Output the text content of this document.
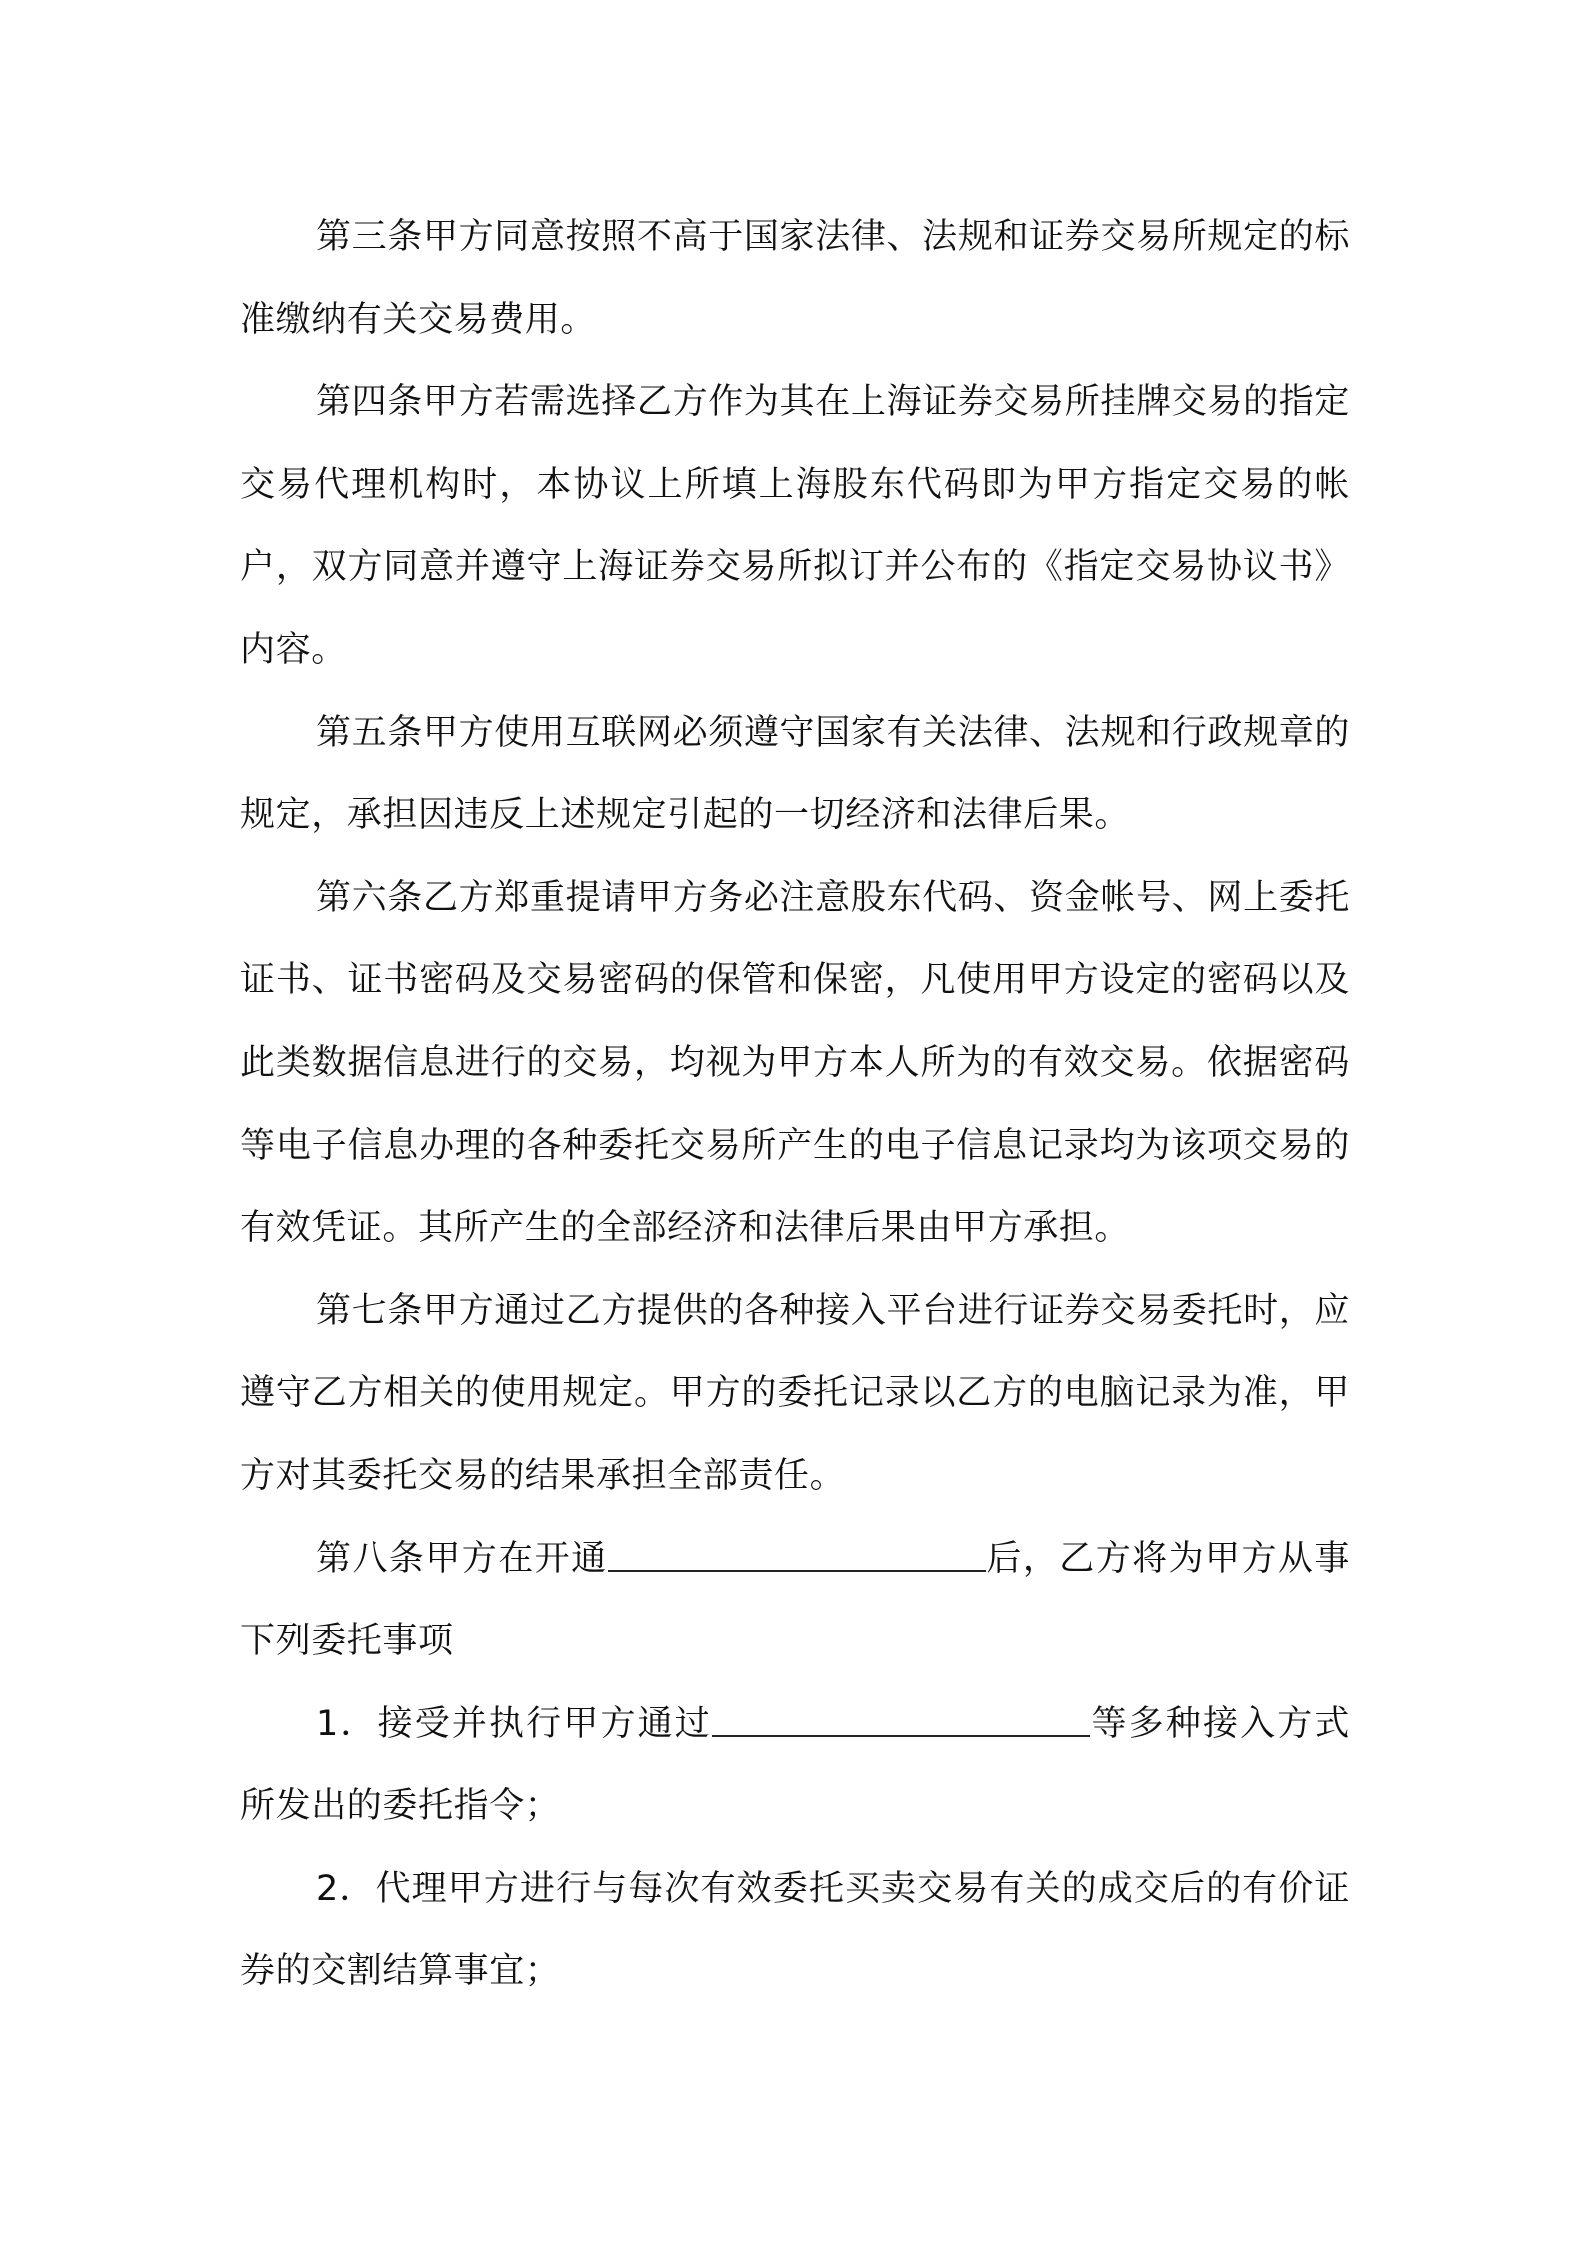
第三条甲方同意按照不高于国家法律、法规和证券交易所规定的标准缴纳有关交易费用。

第四条甲方若需选择乙方作为其在上海证券交易所挂牌交易的指定交易代理机构时，本协议上所填上海股东代码即为甲方指定交易的帐户，双方同意并遵守上海证券交易所拟订并公布的《指定交易协议书》内容。

第五条甲方使用互联网必须遵守国家有关法律、法规和行政规章的规定，承担因违反上述规定引起的一切经济和法律后果。

第六条乙方郑重提请甲方务必注意股东代码、资金帐号、网上委托证书、证书密码及交易密码的保管和保密，凡使用甲方设定的密码以及此类数据信息进行的交易，均视为甲方本人所为的有效交易。依据密码等电子信息办理的各种委托交易所产生的电子信息记录均为该项交易的有效凭证。其所产生的全部经济和法律后果由甲方承担。

第七条甲方通过乙方提供的各种接入平台进行证券交易委托时，应遵守乙方相关的使用规定。甲方的委托记录以乙方的电脑记录为准，甲方对其委托交易的结果承担全部责任。

第八条甲方在开通	后，乙方将为甲方从事下列委托事项

1．接受并执行甲方通过	等多种接入方式所发出的委托指令；

2．代理甲方进行与每次有效委托买卖交易有关的成交后的有价证券的交割结算事宜；
